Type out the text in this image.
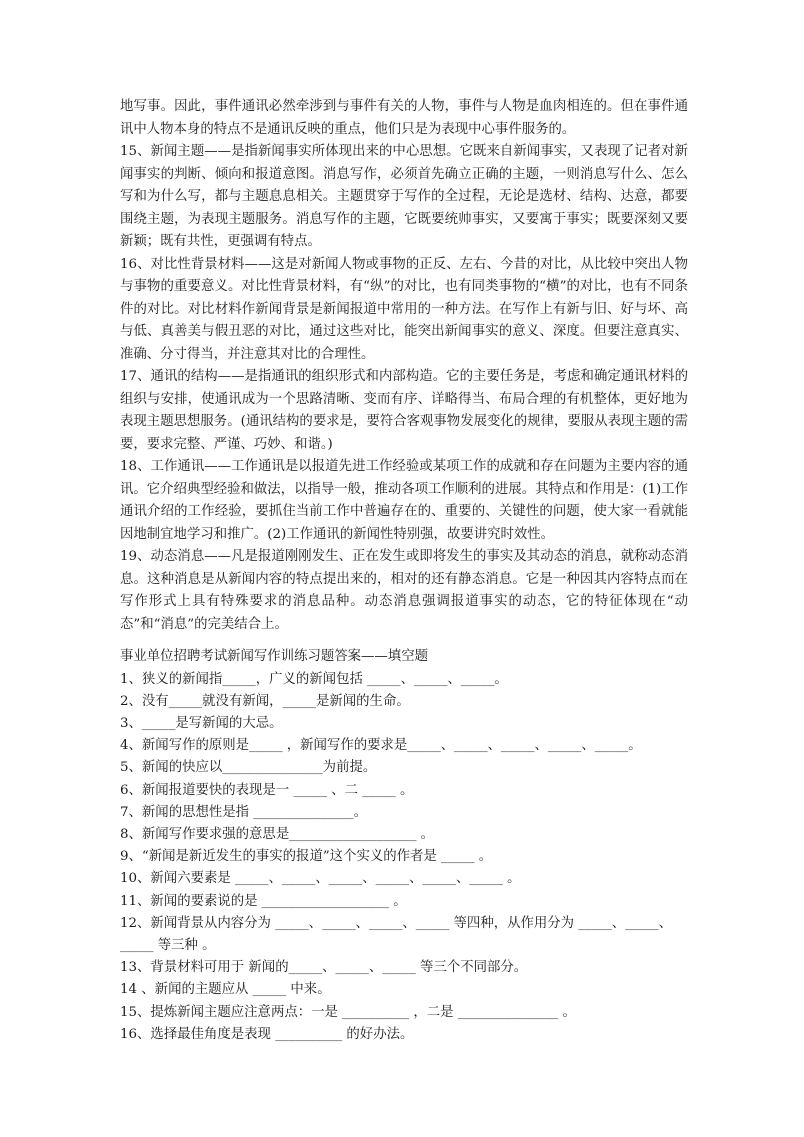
地写事。因此，事件通讯必然牵涉到与事件有关的人物，事件与人物是血肉相连的。但在事件通讯中人物本身的特点不是通讯反映的重点，他们只是为表现中心事件服务的。

15、新闻主题——是指新闻事实所体现出来的中心思想。它既来自新闻事实，又表现了记者对新闻事实的判断、倾向和报道意图。消息写作，必须首先确立正确的主题，一则消息写什么、怎么写和为什么写，都与主题息息相关。主题贯穿于写作的全过程，无论是选材、结构、达意，都要围绕主题，为表现主题服务。消息写作的主题，它既要统帅事实，又要寓于事实；既要深刻又要新颖；既有共性，更强调有特点。

16、对比性背景材料——这是对新闻人物或事物的正反、左右、今昔的对比，从比较中突出人物与事物的重要意义。对比性背景材料，有“纵”的对比，也有同类事物的“横”的对比，也有不同条件的对比。对比材料作新闻背景是新闻报道中常用的一种方法。在写作上有新与旧、好与坏、高与低、真善美与假丑恶的对比，通过这些对比，能突出新闻事实的意义、深度。但要注意真实、准确、分寸得当，并注意其对比的合理性。

17、通讯的结构——是指通讯的组织形式和内部构造。它的主要任务是，考虑和确定通讯材料的组织与安排，使通讯成为一个思路清晰、变而有序、详略得当、布局合理的有机整体，更好地为表现主题思想服务。(通讯结构的要求是，要符合客观事物发展变化的规律，要服从表现主题的需要，要求完整、严谨、巧妙、和谐。)

18、工作通讯——工作通讯是以报道先进工作经验或某项工作的成就和存在问题为主要内容的通讯。它介绍典型经验和做法，以指导一般，推动各项工作顺利的进展。其特点和作用是：(1)工作通讯介绍的工作经验，要抓住当前工作中普遍存在的、重要的、关键性的问题，使大家一看就能因地制宜地学习和推广。(2)工作通讯的新闻性特别强，故要讲究时效性。

19、动态消息——凡是报道刚刚发生、正在发生或即将发生的事实及其动态的消息，就称动态消息。这种消息是从新闻内容的特点提出来的，相对的还有静态消息。它是一种因其内容特点而在写作形式上具有特殊要求的消息品种。动态消息强调报道事实的动态，它的特征体现在“动态”和“消息”的完美结合上。

事业单位招聘考试新闻写作训练习题答案——填空题

1、狭义的新闻指_____，广义的新闻包括 _____、_____、_____。

2、没有_____就没有新闻，_____是新闻的生命。

3、_____是写新闻的大忌。

4、新闻写作的原则是_____ ，新闻写作的要求是_____、_____、_____、_____、_____。

5、新闻的快应以_______________为前提。

6、新闻报道要快的表现是一 _____ 、二 _____ 。

7、新闻的思想性是指 _______________。

8、新闻写作要求强的意思是___________________ 。

9、“新闻是新近发生的事实的报道”这个实义的作者是 _____ 。

10、新闻六要素是 _____、_____、_____、_____、_____、_____ 。

11、新闻的要素说的是 ___________________ 。

12、新闻背景从内容分为 _____、_____、_____、_____ 等四种，从作用分为 _____、_____、

_____ 等三种 。

13、背景材料可用于 新闻的_____、_____、_____ 等三个不同部分。

14 、新闻的主题应从 _____ 中来。

15、提炼新闻主题应注意两点：一是 __________ ，二是 _______________ 。

16、选择最佳角度是表现 __________ 的好办法。
